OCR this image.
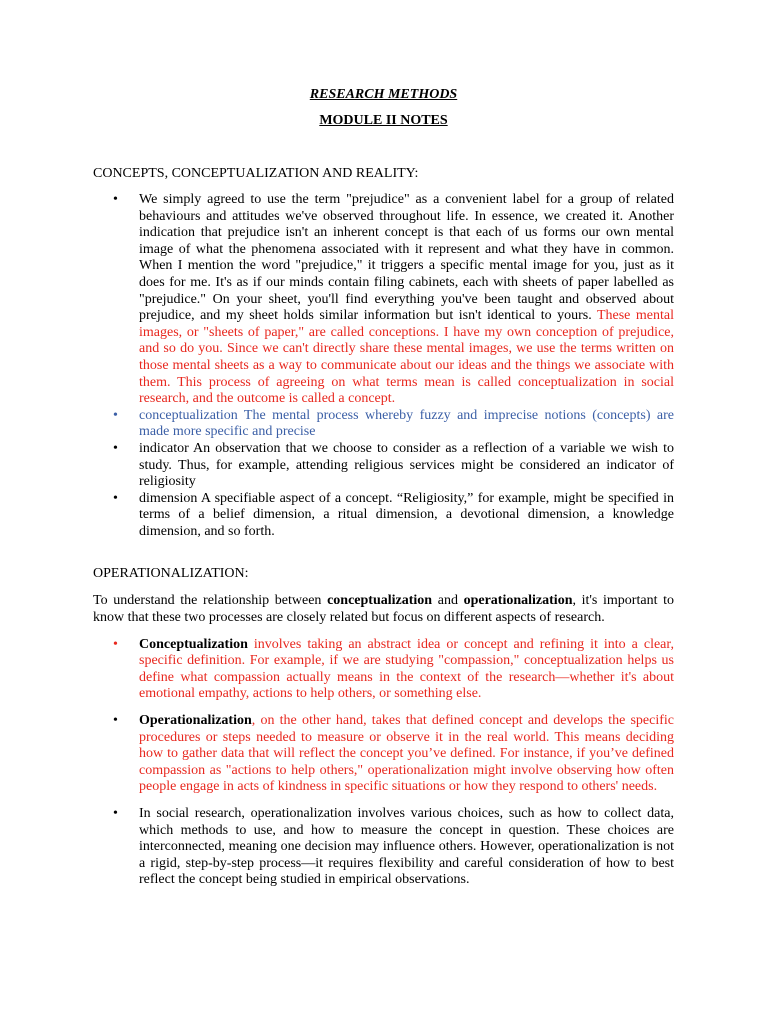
RESEARCH METHODS

MODULE II NOTES

CONCEPTS, CONCEPTUALIZATION AND REALITY:

• We simply agreed to use the term "prejudice" as a convenient label for a group of related behaviours and attitudes we've observed throughout life. In essence, we created it. Another indication that prejudice isn't an inherent concept is that each of us forms our own mental image of what the phenomena associated with it represent and what they have in common. When I mention the word "prejudice," it triggers a specific mental image for you, just as it does for me. It's as if our minds contain filing cabinets, each with sheets of paper labelled as "prejudice." On your sheet, you'll find everything you've been taught and observed about prejudice, and my sheet holds similar information but isn't identical to yours. These mental images, or "sheets of paper," are called conceptions. I have my own conception of prejudice, and so do you. Since we can't directly share these mental images, we use the terms written on those mental sheets as a way to communicate about our ideas and the things we associate with them. This process of agreeing on what terms mean is called conceptualization in social research, and the outcome is called a concept.
• conceptualization The mental process whereby fuzzy and imprecise notions (concepts) are made more specific and precise
• indicator An observation that we choose to consider as a reflection of a variable we wish to study. Thus, for example, attending religious services might be considered an indicator of religiosity
• dimension A specifiable aspect of a concept. “Religiosity,” for example, might be specified in terms of a belief dimension, a ritual dimension, a devotional dimension, a knowledge dimension, and so forth.

OPERATIONALIZATION:

To understand the relationship between conceptualization and operationalization, it's important to know that these two processes are closely related but focus on different aspects of research.

• Conceptualization involves taking an abstract idea or concept and refining it into a clear, specific definition. For example, if we are studying "compassion," conceptualization helps us define what compassion actually means in the context of the research—whether it's about emotional empathy, actions to help others, or something else.
• Operationalization, on the other hand, takes that defined concept and develops the specific procedures or steps needed to measure or observe it in the real world. This means deciding how to gather data that will reflect the concept you’ve defined. For instance, if you’ve defined compassion as "actions to help others," operationalization might involve observing how often people engage in acts of kindness in specific situations or how they respond to others' needs.
• In social research, operationalization involves various choices, such as how to collect data, which methods to use, and how to measure the concept in question. These choices are interconnected, meaning one decision may influence others. However, operationalization is not a rigid, step-by-step process—it requires flexibility and careful consideration of how to best reflect the concept being studied in empirical observations.
